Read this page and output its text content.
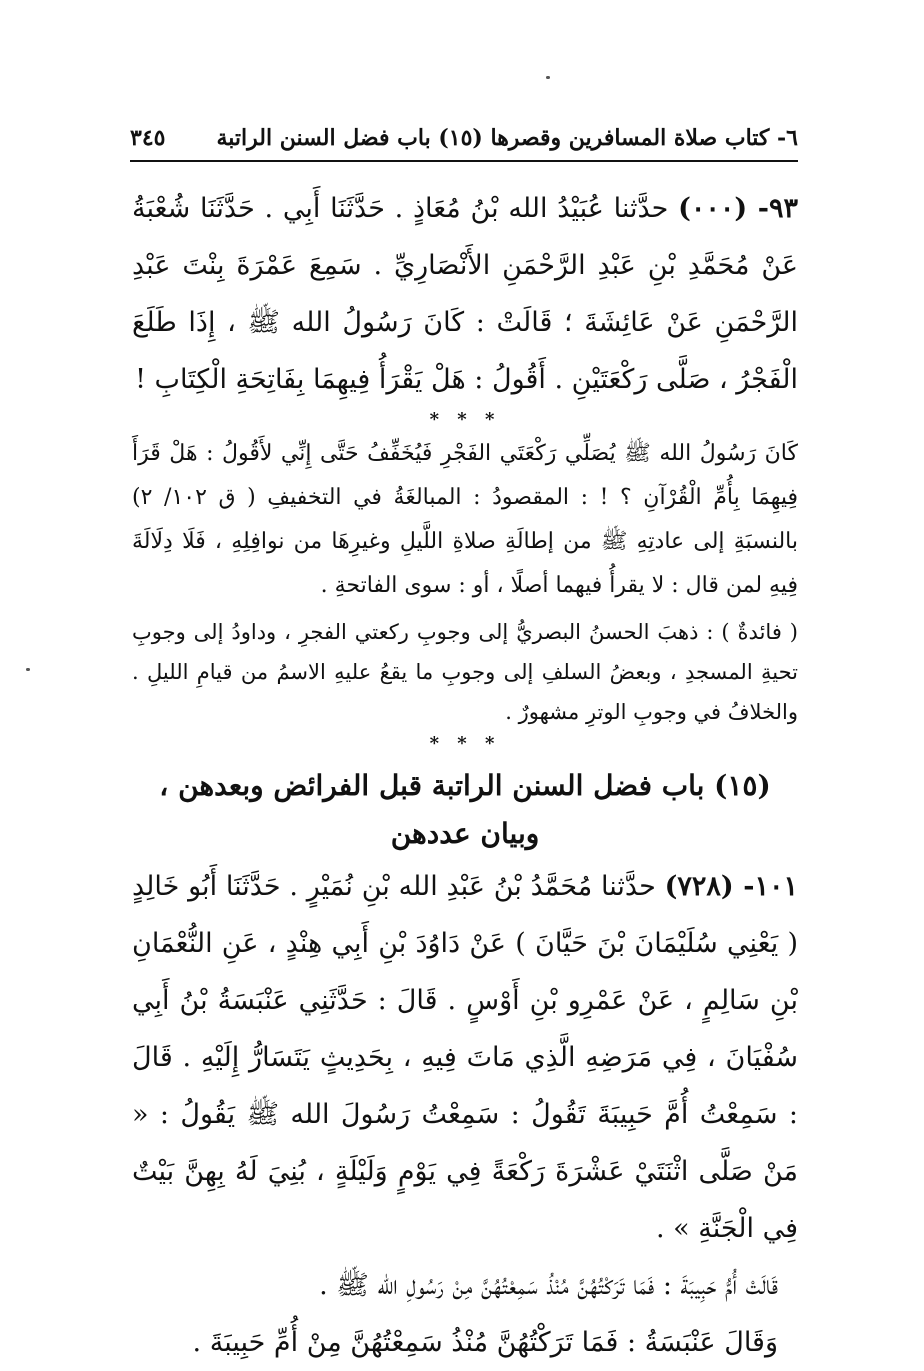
٦- كتاب صلاة المسافرين وقصرها (١٥) باب فضل السنن الراتبة
٣٤٥

٩٣- (٠٠٠) حدَّثنا عُبَيْدُ الله بْنُ مُعَاذٍ . حَدَّثَنَا أَبِي . حَدَّثَنَا شُعْبَةُ عَنْ مُحَمَّدِ بْنِ عَبْدِ الرَّحْمَنِ الأَنْصَارِيِّ . سَمِعَ عَمْرَةَ بِنْتَ عَبْدِ الرَّحْمَنِ عَنْ عَائِشَةَ ؛ قَالَتْ : كَانَ رَسُولُ الله ﷺ ، إِذَا طَلَعَ الْفَجْرُ ، صَلَّى رَكْعَتَيْنِ . أَقُولُ : هَلْ يَقْرَأُ فِيهِمَا بِفَاتِحَةِ الْكِتَابِ !

* * *

كَانَ رَسُولُ الله ﷺ يُصَلِّي رَكْعَتَي الفَجْرِ فَيُخَفِّفُ حَتَّى إِنِّي لأَقُولُ : هَلْ قَرَأَ فِيهِمَا بِأُمِّ الْقُرْآنِ ؟ ! : المقصودُ : المبالغَةُ في التخفيفِ ( ق ١٠٢/ ٢) بالنسبَةِ إلى عادتِهِ ﷺ من إطالَةِ صلاةِ اللَّيلِ وغيرِهَا من نوافِلِهِ ، فَلَا دِلَالَةَ فِيهِ لمن قال : لا يقرأُ فيهما أصلًا ، أو : سوى الفاتحةِ .

( فائدةٌ ) : ذهبَ الحسنُ البصريُّ إلى وجوبِ ركعتي الفجرِ ، وداودُ إلى وجوبِ تحيةِ المسجدِ ، وبعضُ السلفِ إلى وجوبِ ما يقعُ عليهِ الاسمُ من قيامِ الليلِ . والخلافُ في وجوبِ الوترِ مشهورٌ .

* * *

(١٥) باب فضل السنن الراتبة قبل الفرائض وبعدهن ، وبيان عددهن

١٠١- (٧٢٨) حدَّثنا مُحَمَّدُ بْنُ عَبْدِ الله بْنِ نُمَيْرٍ . حَدَّثَنَا أَبُو خَالِدٍ ( يَعْنِي سُلَيْمَانَ بْنَ حَيَّانَ ) عَنْ دَاوُدَ بْنِ أَبِي هِنْدٍ ، عَنِ النُّعْمَانِ بْنِ سَالِمٍ ، عَنْ عَمْرِو بْنِ أَوْسٍ . قَالَ : حَدَّثَنِي عَنْبَسَةُ بْنُ أَبِي سُفْيَانَ ، فِي مَرَضِهِ الَّذِي مَاتَ فِيهِ ، بِحَدِيثٍ يَتَسَارُّ إِلَيْهِ . قَالَ : سَمِعْتُ أُمَّ حَبِيبَةَ تَقُولُ : سَمِعْتُ رَسُولَ الله ﷺ يَقُولُ : « مَنْ صَلَّى اثْنَتَيْ عَشْرَةَ رَكْعَةً فِي يَوْمٍ وَلَيْلَةٍ ، بُنِيَ لَهُ بِهِنَّ بَيْتٌ فِي الْجَنَّةِ » .

قَالَتْ أُمُّ حَبِيبَةَ : فَمَا تَرَكْتُهُنَّ مُنْذُ سَمِعْتُهُنَّ مِنْ رَسُولِ الله ﷺ .

وَقَالَ عَنْبَسَةُ : فَمَا تَرَكْتُهُنَّ مُنْذُ سَمِعْتُهُنَّ مِنْ أُمِّ حَبِيبَةَ .
